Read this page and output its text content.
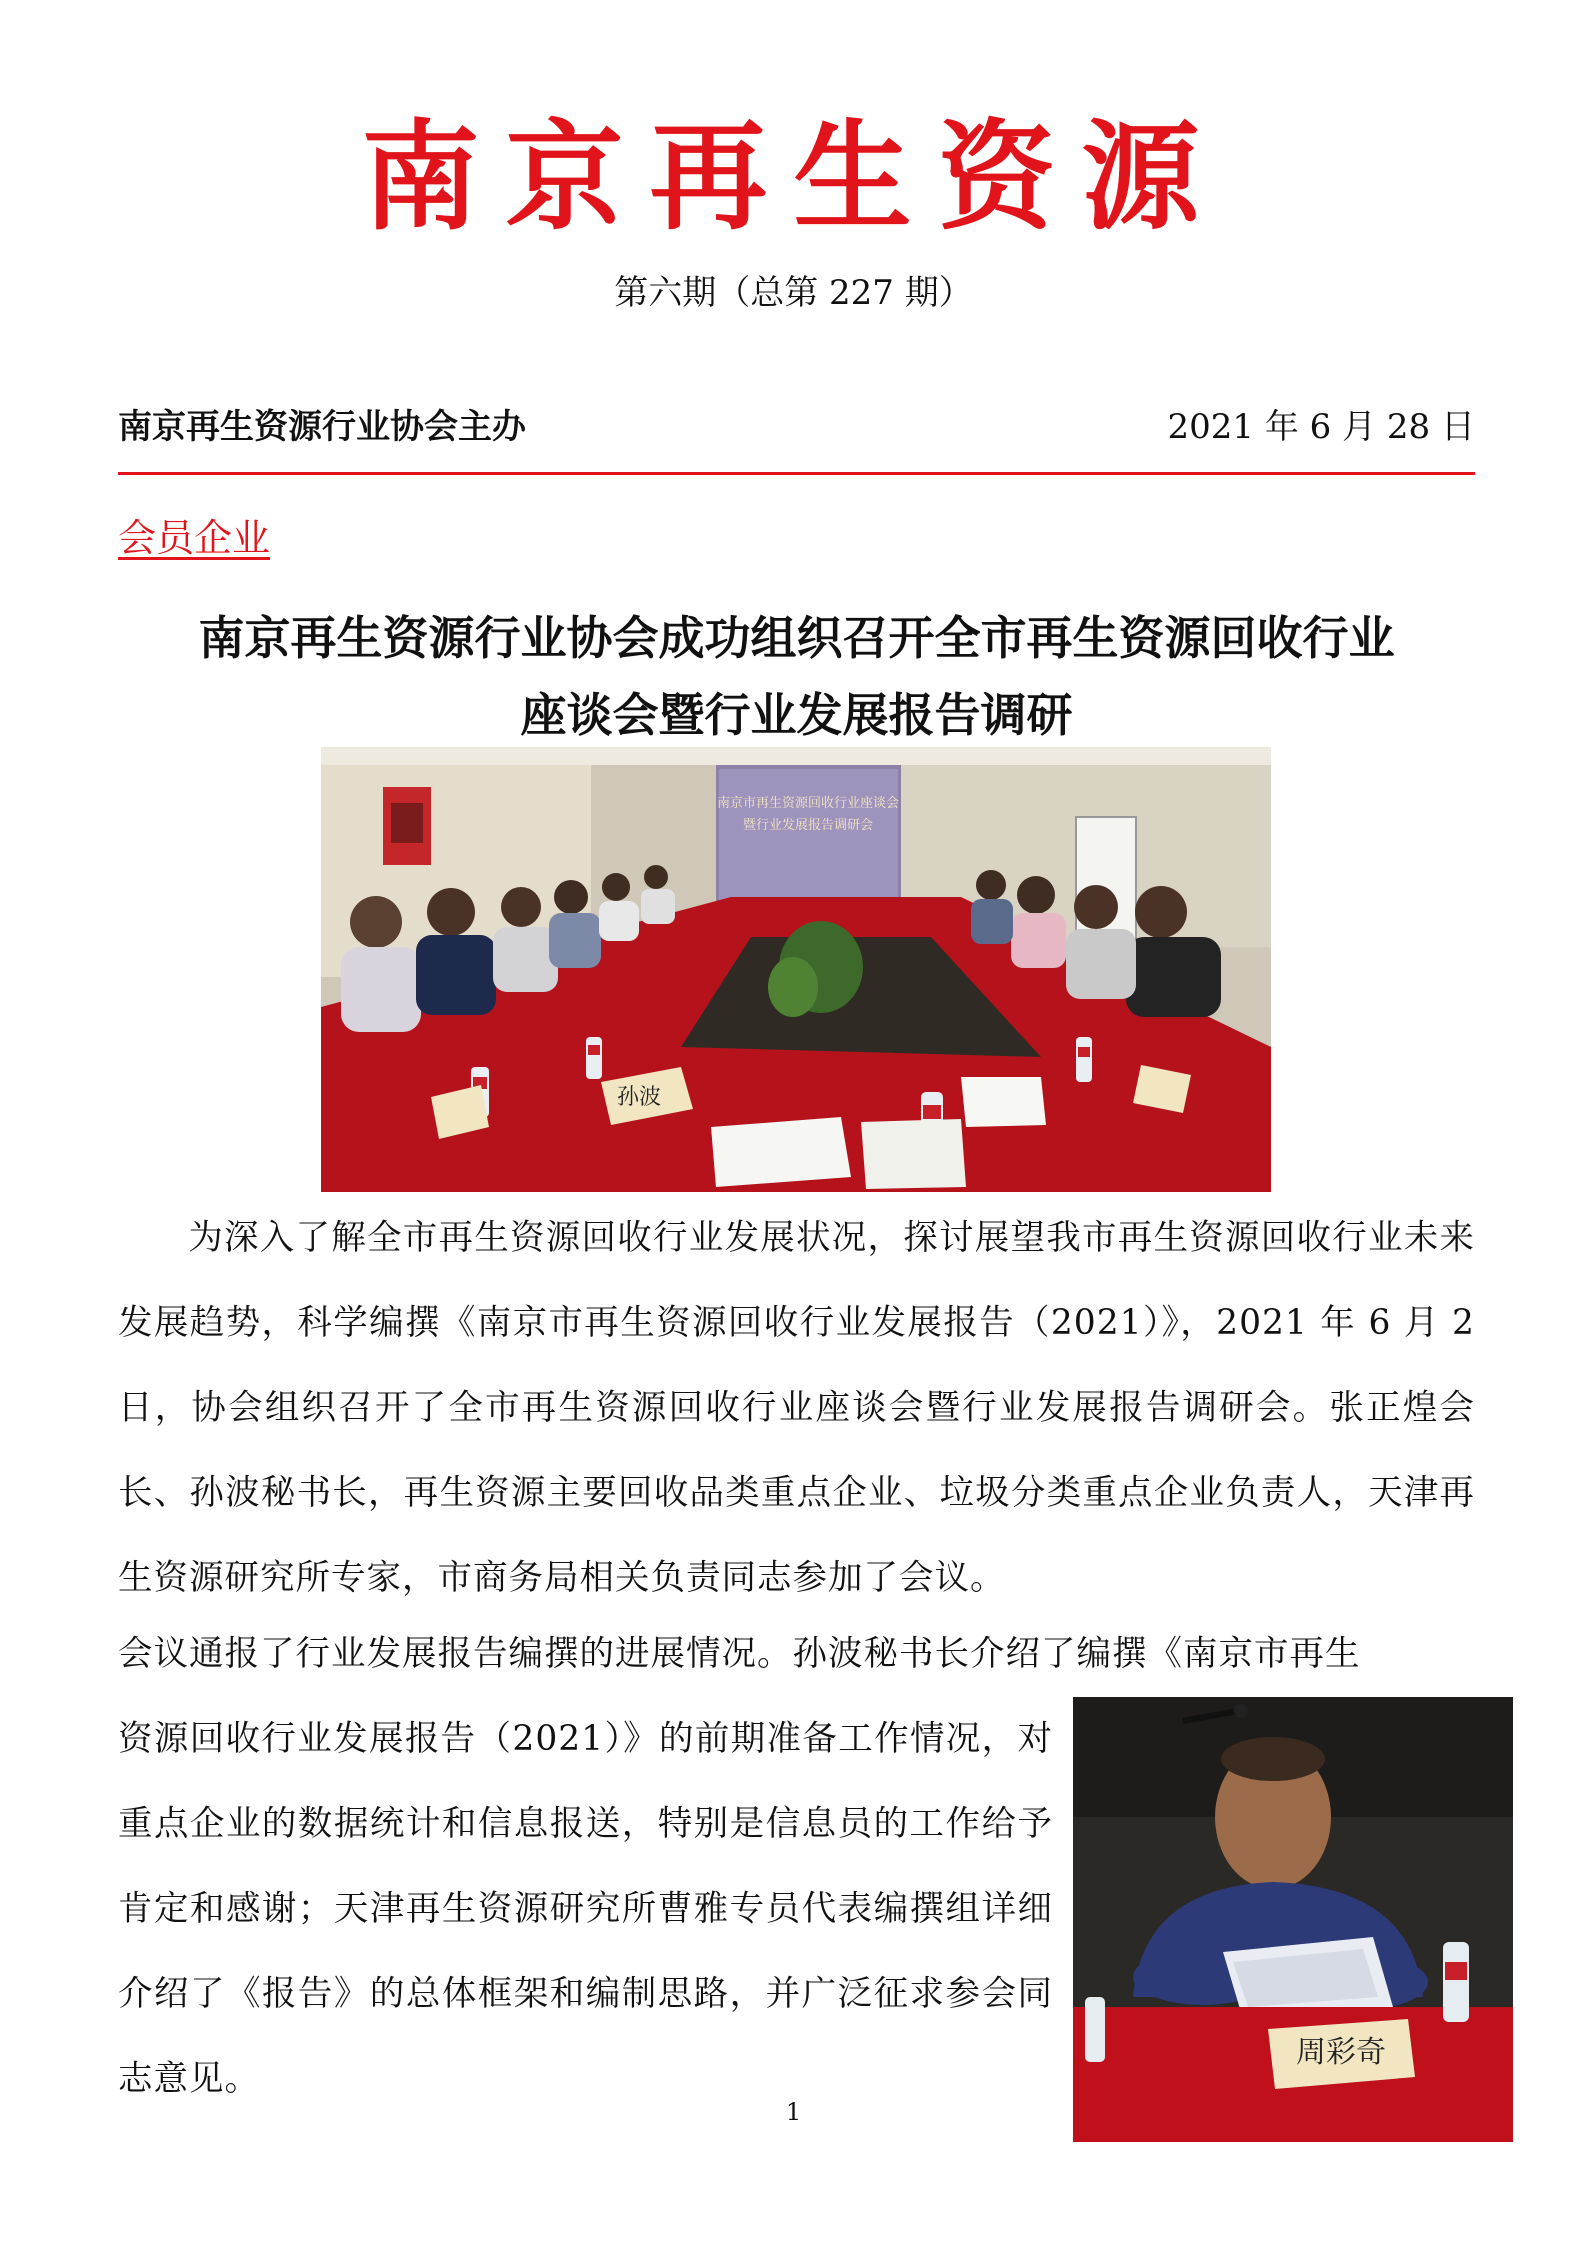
南京再生资源
第六期（总第 227 期）
南京再生资源行业协会主办	2021 年 6 月 28 日
会员企业
南京再生资源行业协会成功组织召开全市再生资源回收行业
座谈会暨行业发展报告调研
南京市再生资源回收行业座谈会
暨行业发展报告调研会
孙波
为深入了解全市再生资源回收行业发展状况，探讨展望我市再生资源回收行业未来发展趋势，科学编撰《南京市再生资源回收行业发展报告（2021）》，2021 年 6 月 2 日，协会组织召开了全市再生资源回收行业座谈会暨行业发展报告调研会。张正煌会长、孙波秘书长，再生资源主要回收品类重点企业、垃圾分类重点企业负责人，天津再生资源研究所专家，市商务局相关负责同志参加了会议。
会议通报了行业发展报告编撰的进展情况。孙波秘书长介绍了编撰《南京市再生
资源回收行业发展报告（2021）》的前期准备工作情况，对重点企业的数据统计和信息报送，特别是信息员的工作给予肯定和感谢；天津再生资源研究所曹雅专员代表编撰组详细介绍了《报告》的总体框架和编制思路，并广泛征求参会同志意见。
周彩奇
1
